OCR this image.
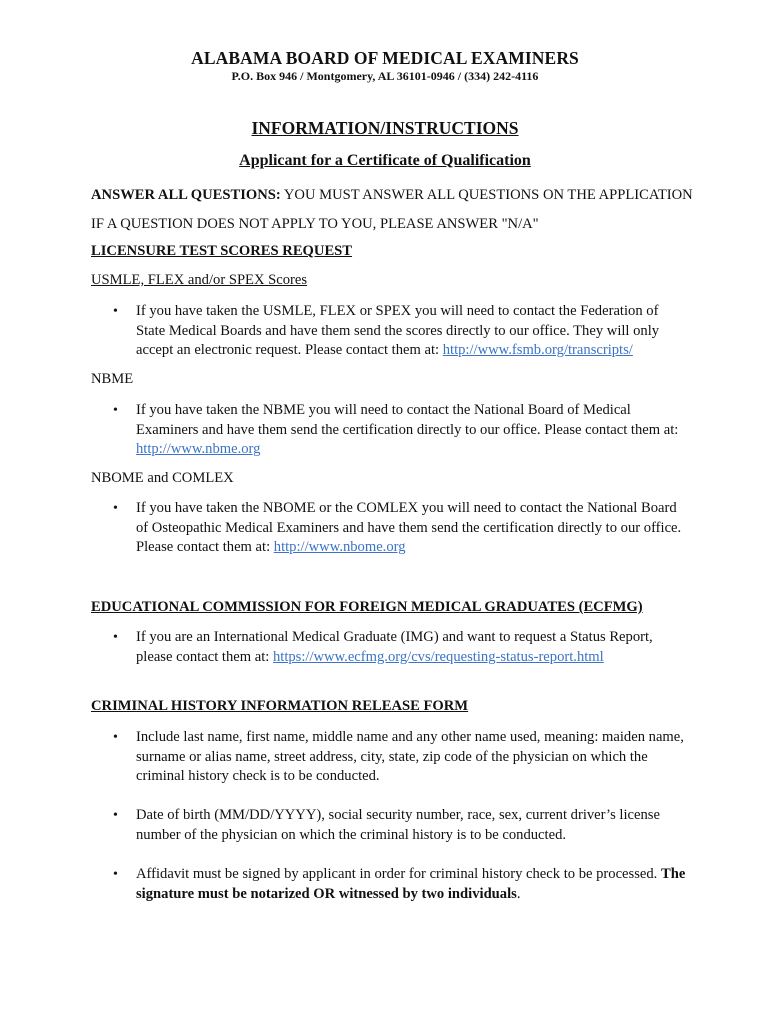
ALABAMA BOARD OF MEDICAL EXAMINERS
P.O. Box 946 / Montgomery, AL 36101-0946 / (334) 242-4116
INFORMATION/INSTRUCTIONS
Applicant for a Certificate of Qualification
ANSWER ALL QUESTIONS: YOU MUST ANSWER ALL QUESTIONS ON THE APPLICATION
IF A QUESTION DOES NOT APPLY TO YOU, PLEASE ANSWER "N/A"
LICENSURE TEST SCORES REQUEST
USMLE, FLEX and/or SPEX Scores
•	If you have taken the USMLE, FLEX or SPEX you will need to contact the Federation of State Medical Boards and have them send the scores directly to our office. They will only accept an electronic request. Please contact them at: http://www.fsmb.org/transcripts/
NBME
•	If you have taken the NBME you will need to contact the National Board of Medical Examiners and have them send the certification directly to our office. Please contact them at: http://www.nbme.org
NBOME and COMLEX
•	If you have taken the NBOME or the COMLEX you will need to contact the National Board of Osteopathic Medical Examiners and have them send the certification directly to our office. Please contact them at: http://www.nbome.org
EDUCATIONAL COMMISSION FOR FOREIGN MEDICAL GRADUATES (ECFMG)
•	If you are an International Medical Graduate (IMG) and want to request a Status Report, please contact them at: https://www.ecfmg.org/cvs/requesting-status-report.html
CRIMINAL HISTORY INFORMATION RELEASE FORM
•	Include last name, first name, middle name and any other name used, meaning: maiden name, surname or alias name, street address, city, state, zip code of the physician on which the criminal history check is to be conducted.
•	Date of birth (MM/DD/YYYY), social security number, race, sex, current driver’s license number of the physician on which the criminal history is to be conducted.
•	Affidavit must be signed by applicant in order for criminal history check to be processed. The signature must be notarized OR witnessed by two individuals.
